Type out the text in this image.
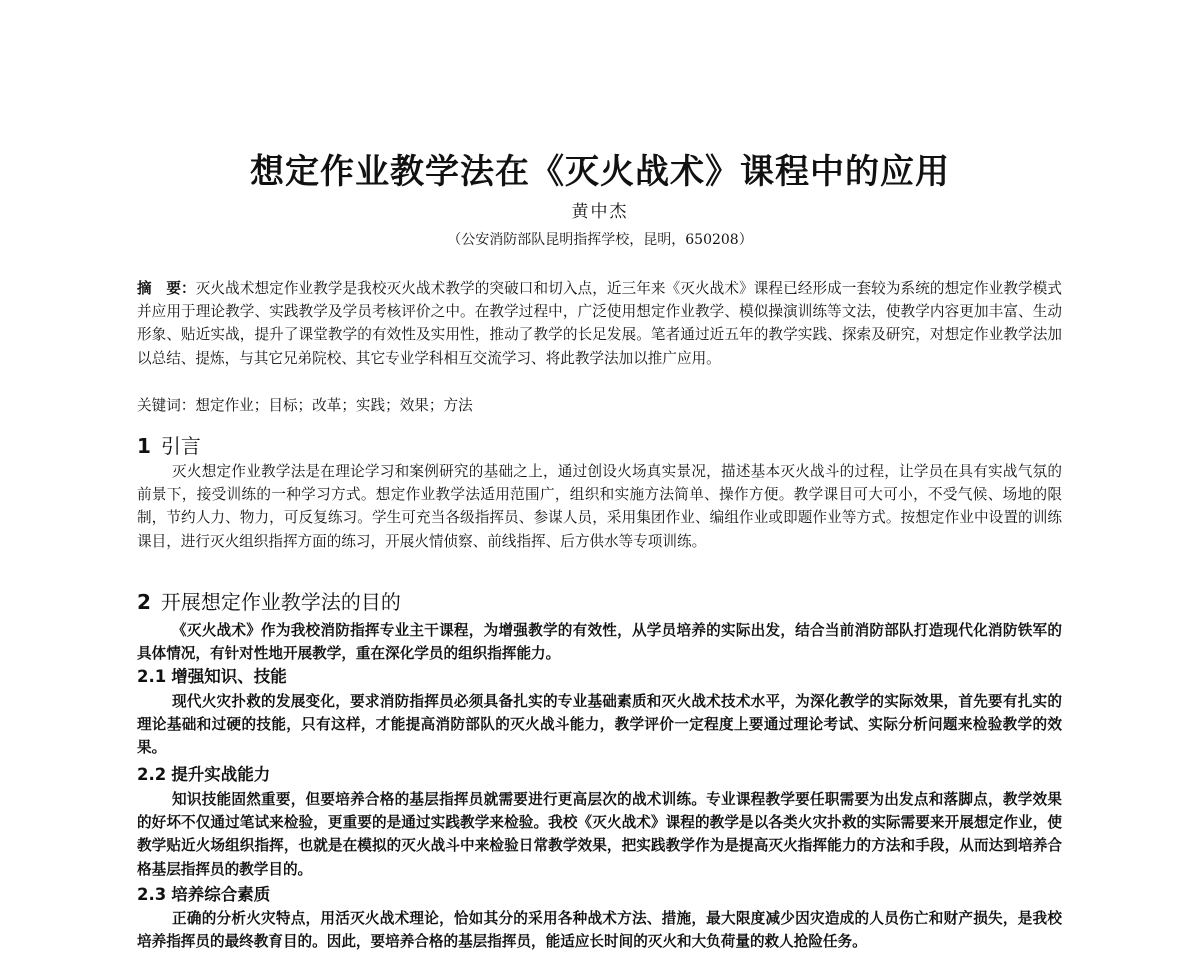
想定作业教学法在《灭火战术》课程中的应用
黄中杰
（公安消防部队昆明指挥学校，昆明，650208）
摘　要：灭火战术想定作业教学是我校灭火战术教学的突破口和切入点，近三年来《灭火战术》课程已经形成一套较为系统的想定作业教学模式并应用于理论教学、实践教学及学员考核评价之中。在教学过程中，广泛使用想定作业教学、模似操演训练等文法，使教学内容更加丰富、生动形象、贴近实战，提升了课堂教学的有效性及实用性，推动了教学的长足发展。笔者通过近五年的教学实践、探索及研究，对想定作业教学法加以总结、提炼，与其它兄弟院校、其它专业学科相互交流学习、将此教学法加以推广应用。
关键词：想定作业；目标；改革；实践；效果；方法
1 引言
灭火想定作业教学法是在理论学习和案例研究的基础之上，通过创设火场真实景况，描述基本灭火战斗的过程，让学员在具有实战气氛的前景下，接受训练的一种学习方式。想定作业教学法适用范围广，组织和实施方法简单、操作方便。教学课目可大可小，不受气候、场地的限制，节约人力、物力，可反复练习。学生可充当各级指挥员、参谋人员，采用集团作业、编组作业或即题作业等方式。按想定作业中设置的训练课目，进行灭火组织指挥方面的练习，开展火情侦察、前线指挥、后方供水等专项训练。
2 开展想定作业教学法的目的
《灭火战术》作为我校消防指挥专业主干课程，为增强教学的有效性，从学员培养的实际出发，结合当前消防部队打造现代化消防铁军的具体情况，有针对性地开展教学，重在深化学员的组织指挥能力。
2.1 增强知识、技能
现代火灾扑救的发展变化，要求消防指挥员必须具备扎实的专业基础素质和灭火战术技术水平，为深化教学的实际效果，首先要有扎实的理论基础和过硬的技能，只有这样，才能提高消防部队的灭火战斗能力，教学评价一定程度上要通过理论考试、实际分析问题来检验教学的效果。
2.2 提升实战能力
知识技能固然重要，但要培养合格的基层指挥员就需要进行更高层次的战术训练。专业课程教学要任职需要为出发点和落脚点，教学效果的好坏不仅通过笔试来检验，更重要的是通过实践教学来检验。我校《灭火战术》课程的教学是以各类火灾扑救的实际需要来开展想定作业，使教学贴近火场组织指挥，也就是在模拟的灭火战斗中来检验日常教学效果，把实践教学作为是提高灭火指挥能力的方法和手段，从而达到培养合格基层指挥员的教学目的。
2.3 培养综合素质
正确的分析火灾特点，用活灭火战术理论，恰如其分的采用各种战术方法、措施，最大限度减少因灾造成的人员伤亡和财产损失，是我校培养指挥员的最终教育目的。因此，要培养合格的基层指挥员，能适应长时间的灭火和大负荷量的救人抢险任务。
